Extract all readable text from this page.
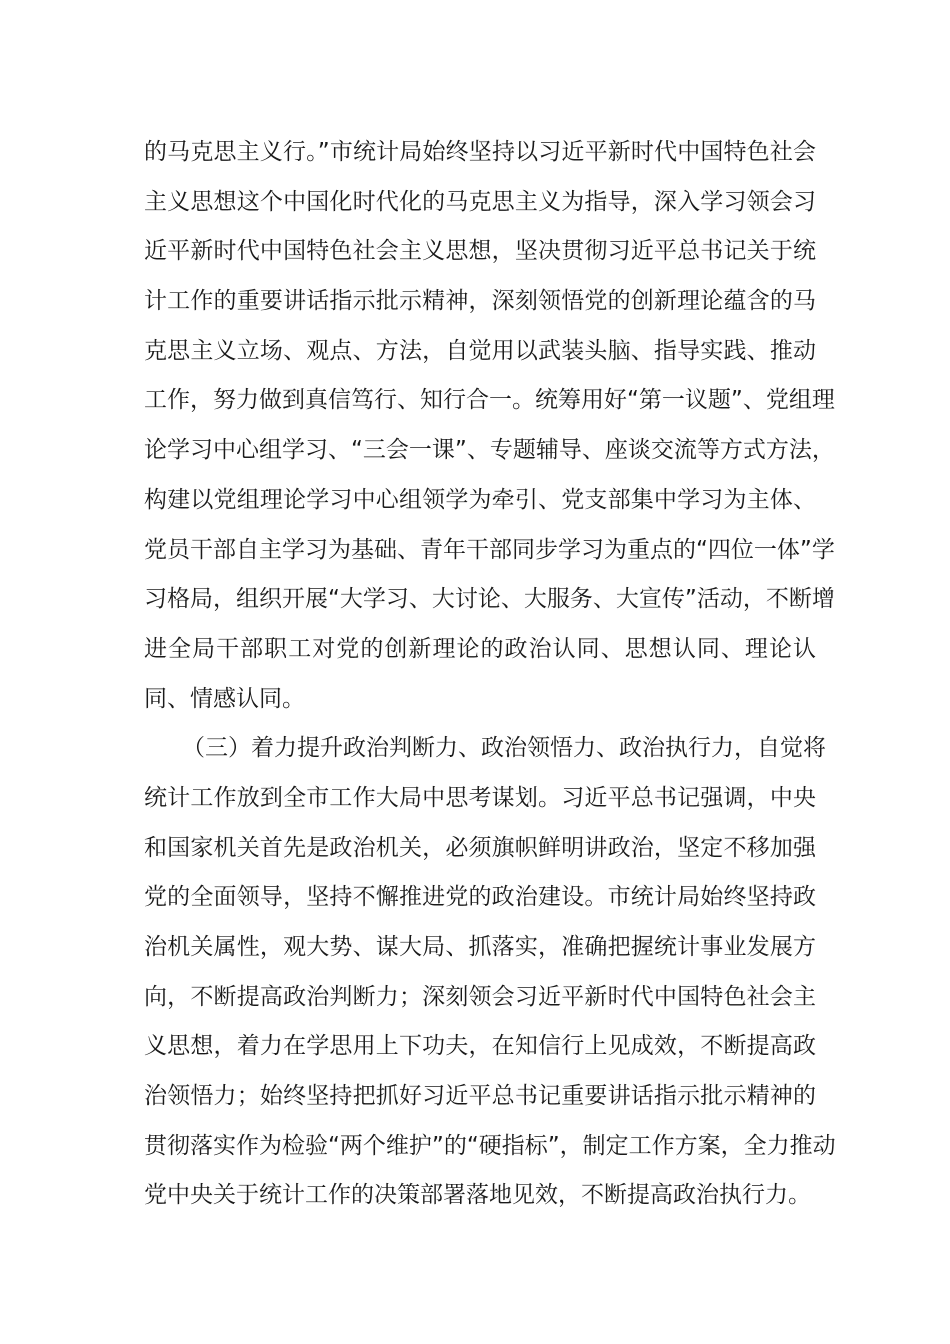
的马克思主义行。”市统计局始终坚持以习近平新时代中国特色社会
主义思想这个中国化时代化的马克思主义为指导，深入学习领会习
近平新时代中国特色社会主义思想，坚决贯彻习近平总书记关于统
计工作的重要讲话指示批示精神，深刻领悟党的创新理论蕴含的马
克思主义立场、观点、方法，自觉用以武装头脑、指导实践、推动
工作，努力做到真信笃行、知行合一。统筹用好“第一议题”、党组理
论学习中心组学习、“三会一课”、专题辅导、座谈交流等方式方法，
构建以党组理论学习中心组领学为牵引、党支部集中学习为主体、
党员干部自主学习为基础、青年干部同步学习为重点的“四位一体”学
习格局，组织开展“大学习、大讨论、大服务、大宣传”活动，不断增
进全局干部职工对党的创新理论的政治认同、思想认同、理论认
同、情感认同。
（三）着力提升政治判断力、政治领悟力、政治执行力，自觉将
统计工作放到全市工作大局中思考谋划。习近平总书记强调，中央
和国家机关首先是政治机关，必须旗帜鲜明讲政治，坚定不移加强
党的全面领导，坚持不懈推进党的政治建设。市统计局始终坚持政
治机关属性，观大势、谋大局、抓落实，准确把握统计事业发展方
向，不断提高政治判断力；深刻领会习近平新时代中国特色社会主
义思想，着力在学思用上下功夫，在知信行上见成效，不断提高政
治领悟力；始终坚持把抓好习近平总书记重要讲话指示批示精神的
贯彻落实作为检验“两个维护”的“硬指标”，制定工作方案，全力推动
党中央关于统计工作的决策部署落地见效，不断提高政治执行力。
